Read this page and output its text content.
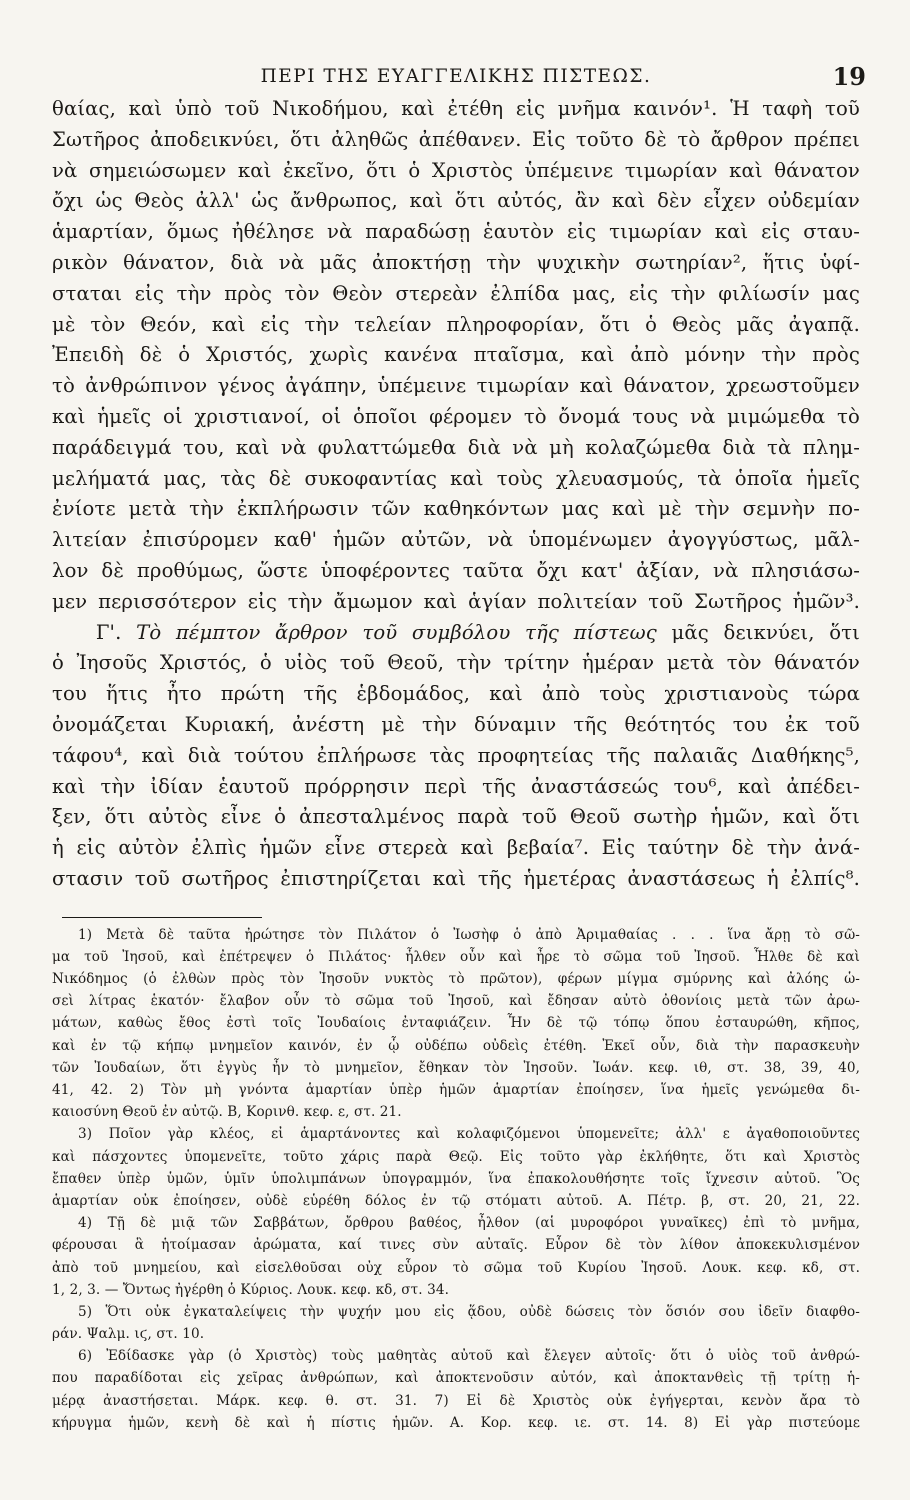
ΠΕΡΙ ΤΗΣ ΕΥΑΓΓΕΛΙΚΗΣ ΠΙΣΤΕΩΣ.	19
θαίας, καὶ ὑπὸ τοῦ Νικοδήμου, καὶ ἐτέθη εἰς μνῆμα καινόν¹. Ἡ ταφὴ τοῦ
Σωτῆρος ἀποδεικνύει, ὅτι ἀληθῶς ἀπέθανεν. Εἰς τοῦτο δὲ τὸ ἄρθρον πρέπει
νὰ σημειώσωμεν καὶ ἐκεῖνο, ὅτι ὁ Χριστὸς ὑπέμεινε τιμωρίαν καὶ θάνατον
ὄχι ὡς Θεὸς ἀλλ' ὡς ἄνθρωπος, καὶ ὅτι αὐτός, ἂν καὶ δὲν εἶχεν οὐδεμίαν
ἁμαρτίαν, ὅμως ἠθέλησε νὰ παραδώσῃ ἑαυτὸν εἰς τιμωρίαν καὶ εἰς σταυ-
ρικὸν θάνατον, διὰ νὰ μᾶς ἀποκτήσῃ τὴν ψυχικὴν σωτηρίαν², ἥτις ὑφί-
σταται εἰς τὴν πρὸς τὸν Θεὸν στερεὰν ἐλπίδα μας, εἰς τὴν φιλίωσίν μας
μὲ τὸν Θεόν, καὶ εἰς τὴν τελείαν πληροφορίαν, ὅτι ὁ Θεὸς μᾶς ἀγαπᾷ.
Ἐπειδὴ δὲ ὁ Χριστός, χωρὶς κανένα πταῖσμα, καὶ ἀπὸ μόνην τὴν πρὸς
τὸ ἀνθρώπινον γένος ἀγάπην, ὑπέμεινε τιμωρίαν καὶ θάνατον, χρεωστοῦμεν
καὶ ἡμεῖς οἱ χριστιανοί, οἱ ὁποῖοι φέρομεν τὸ ὄνομά τους νὰ μιμώμεθα τὸ
παράδειγμά του, καὶ νὰ φυλαττώμεθα διὰ νὰ μὴ κολαζώμεθα διὰ τὰ πλημ-
μελήματά μας, τὰς δὲ συκοφαντίας καὶ τοὺς χλευασμούς, τὰ ὁποῖα ἡμεῖς
ἐνίοτε μετὰ τὴν ἐκπλήρωσιν τῶν καθηκόντων μας καὶ μὲ τὴν σεμνὴν πο-
λιτείαν ἐπισύρομεν καθ' ἡμῶν αὐτῶν, νὰ ὑπομένωμεν ἀγογγύστως, μᾶλ-
λον δὲ προθύμως, ὥστε ὑποφέροντες ταῦτα ὄχι κατ' ἀξίαν, νὰ πλησιάσω-
μεν περισσότερον εἰς τὴν ἄμωμον καὶ ἁγίαν πολιτείαν τοῦ Σωτῆρος ἡμῶν³.
Γ'. Τὸ πέμπτον ἄρθρον τοῦ συμβόλου τῆς πίστεως μᾶς δεικνύει, ὅτι
ὁ Ἰησοῦς Χριστός, ὁ υἱὸς τοῦ Θεοῦ, τὴν τρίτην ἡμέραν μετὰ τὸν θάνατόν
του ἥτις ἦτο πρώτη τῆς ἑβδομάδος, καὶ ἀπὸ τοὺς χριστιανοὺς τώρα
ὀνομάζεται Κυριακή, ἀνέστη μὲ τὴν δύναμιν τῆς θεότητός του ἐκ τοῦ
τάφου⁴, καὶ διὰ τούτου ἐπλήρωσε τὰς προφητείας τῆς παλαιᾶς Διαθήκης⁵,
καὶ τὴν ἰδίαν ἑαυτοῦ πρόρρησιν περὶ τῆς ἀναστάσεώς του⁶, καὶ ἀπέδει-
ξεν, ὅτι αὐτὸς εἶνε ὁ ἀπεσταλμένος παρὰ τοῦ Θεοῦ σωτὴρ ἡμῶν, καὶ ὅτι
ἡ εἰς αὐτὸν ἐλπὶς ἡμῶν εἶνε στερεὰ καὶ βεβαία⁷. Εἰς ταύτην δὲ τὴν ἀνά-
στασιν τοῦ σωτῆρος ἐπιστηρίζεται καὶ τῆς ἡμετέρας ἀναστάσεως ἡ ἐλπίς⁸.
1) Μετὰ δὲ ταῦτα ἠρώτησε τὸν Πιλάτον ὁ Ἰωσὴφ ὁ ἀπὸ Ἀριμαθαίας . . . ἵνα ἄρῃ τὸ σῶ-
μα τοῦ Ἰησοῦ, καὶ ἐπέτρεψεν ὁ Πιλάτος· ἦλθεν οὖν καὶ ἦρε τὸ σῶμα τοῦ Ἰησοῦ. Ἦλθε δὲ καὶ
Νικόδημος (ὁ ἐλθὼν πρὸς τὸν Ἰησοῦν νυκτὸς τὸ πρῶτον), φέρων μίγμα σμύρνης καὶ ἀλόης ὡ-
σεὶ λίτρας ἑκατόν· ἔλαβον οὖν τὸ σῶμα τοῦ Ἰησοῦ, καὶ ἔδησαν αὐτὸ ὀθονίοις μετὰ τῶν ἀρω-
μάτων, καθὼς ἔθος ἐστὶ τοῖς Ἰουδαίοις ἐνταφιάζειν. Ἦν δὲ τῷ τόπῳ ὅπου ἐσταυρώθη, κῆπος,
καὶ ἐν τῷ κήπῳ μνημεῖον καινόν, ἐν ᾧ οὐδέπω οὐδεὶς ἐτέθη. Ἐκεῖ οὖν, διὰ τὴν παρασκευὴν
τῶν Ἰουδαίων, ὅτι ἐγγὺς ἦν τὸ μνημεῖον, ἔθηκαν τὸν Ἰησοῦν. Ἰωάν. κεφ. ιθ, στ. 38, 39, 40,
41, 42. 2) Τὸν μὴ γνόντα ἁμαρτίαν ὑπὲρ ἡμῶν ἁμαρτίαν ἐποίησεν, ἵνα ἡμεῖς γενώμεθα δι-
καιοσύνη Θεοῦ ἐν αὐτῷ. Β, Κορινθ. κεφ. ε, στ. 21.
3) Ποῖον γὰρ κλέος, εἰ ἁμαρτάνοντες καὶ κολαφιζόμενοι ὑπομενεῖτε; ἀλλ' ε ἀγαθοποιοῦντες
καὶ πάσχοντες ὑπομενεῖτε, τοῦτο χάρις παρὰ Θεῷ. Εἰς τοῦτο γὰρ ἐκλήθητε, ὅτι καὶ Χριστὸς
ἔπαθεν ὑπὲρ ὑμῶν, ὑμῖν ὑπολιμπάνων ὑπογραμμόν, ἵνα ἐπακολουθήσητε τοῖς ἴχνεσιν αὐτοῦ. Ὃς
ἁμαρτίαν οὐκ ἐποίησεν, οὐδὲ εὑρέθη δόλος ἐν τῷ στόματι αὐτοῦ. Α. Πέτρ. β, στ. 20, 21, 22.
4) Τῇ δὲ μιᾷ τῶν Σαββάτων, ὄρθρου βαθέος, ἦλθον (αἱ μυροφόροι γυναῖκες) ἐπὶ τὸ μνῆμα,
φέρουσαι ἃ ἡτοίμασαν ἀρώματα, καί τινες σὺν αὐταῖς. Εὗρον δὲ τὸν λίθον ἀποκεκυλισμένον
ἀπὸ τοῦ μνημείου, καὶ εἰσελθοῦσαι οὐχ εὗρον τὸ σῶμα τοῦ Κυρίου Ἰησοῦ. Λουκ. κεφ. κδ, στ.
1, 2, 3. — Ὄντως ἠγέρθη ὁ Κύριος. Λουκ. κεφ. κδ, στ. 34.
5) Ὅτι οὐκ ἐγκαταλείψεις τὴν ψυχήν μου εἰς ᾅδου, οὐδὲ δώσεις τὸν ὅσιόν σου ἰδεῖν διαφθο-
ράν. Ψαλμ. ιϛ, στ. 10.
6) Ἐδίδασκε γὰρ (ὁ Χριστὸς) τοὺς μαθητὰς αὐτοῦ καὶ ἔλεγεν αὐτοῖς· ὅτι ὁ υἱὸς τοῦ ἀνθρώ-
που παραδίδοται εἰς χεῖρας ἀνθρώπων, καὶ ἀποκτενοῦσιν αὐτόν, καὶ ἀποκτανθεὶς τῇ τρίτῃ ἡ-
μέρᾳ ἀναστήσεται. Μάρκ. κεφ. θ. στ. 31. 7) Εἰ δὲ Χριστὸς οὐκ ἐγήγερται, κενὸν ἄρα τὸ
κήρυγμα ἡμῶν, κενὴ δὲ καὶ ἡ πίστις ἡμῶν. Α. Κορ. κεφ. ιε. στ. 14. 8) Εἰ γὰρ πιστεύομε
